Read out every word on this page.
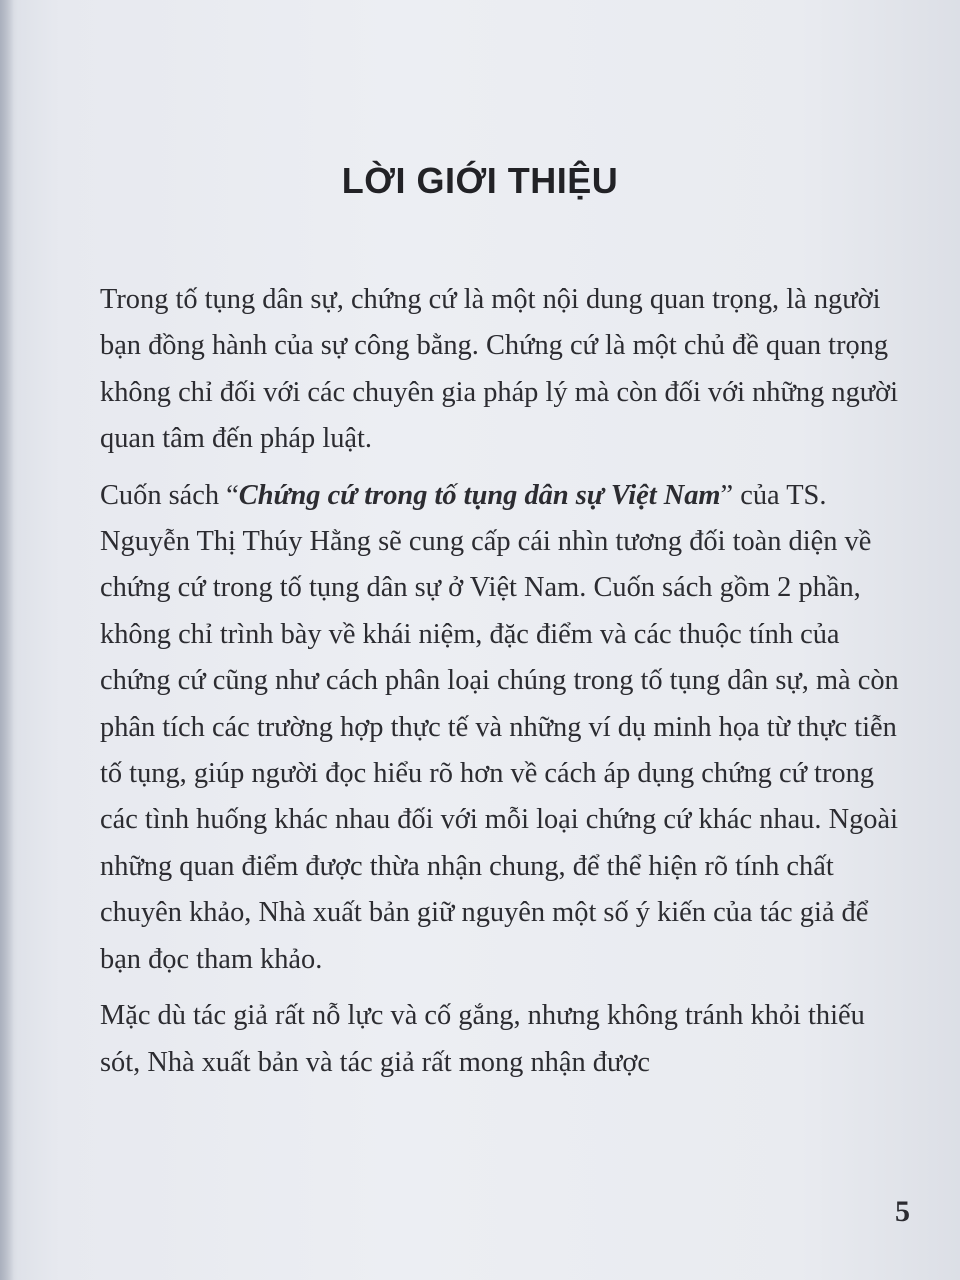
LỜI GIỚI THIỆU
Trong tố tụng dân sự, chứng cứ là một nội dung quan trọng, là người bạn đồng hành của sự công bằng. Chứng cứ là một chủ đề quan trọng không chỉ đối với các chuyên gia pháp lý mà còn đối với những người quan tâm đến pháp luật.
Cuốn sách “Chứng cứ trong tố tụng dân sự Việt Nam” của TS. Nguyễn Thị Thúy Hằng sẽ cung cấp cái nhìn tương đối toàn diện về chứng cứ trong tố tụng dân sự ở Việt Nam. Cuốn sách gồm 2 phần, không chỉ trình bày về khái niệm, đặc điểm và các thuộc tính của chứng cứ cũng như cách phân loại chúng trong tố tụng dân sự, mà còn phân tích các trường hợp thực tế và những ví dụ minh họa từ thực tiễn tố tụng, giúp người đọc hiểu rõ hơn về cách áp dụng chứng cứ trong các tình huống khác nhau đối với mỗi loại chứng cứ khác nhau. Ngoài những quan điểm được thừa nhận chung, để thể hiện rõ tính chất chuyên khảo, Nhà xuất bản giữ nguyên một số ý kiến của tác giả để bạn đọc tham khảo.
Mặc dù tác giả rất nỗ lực và cố gắng, nhưng không tránh khỏi thiếu sót, Nhà xuất bản và tác giả rất mong nhận được
5
